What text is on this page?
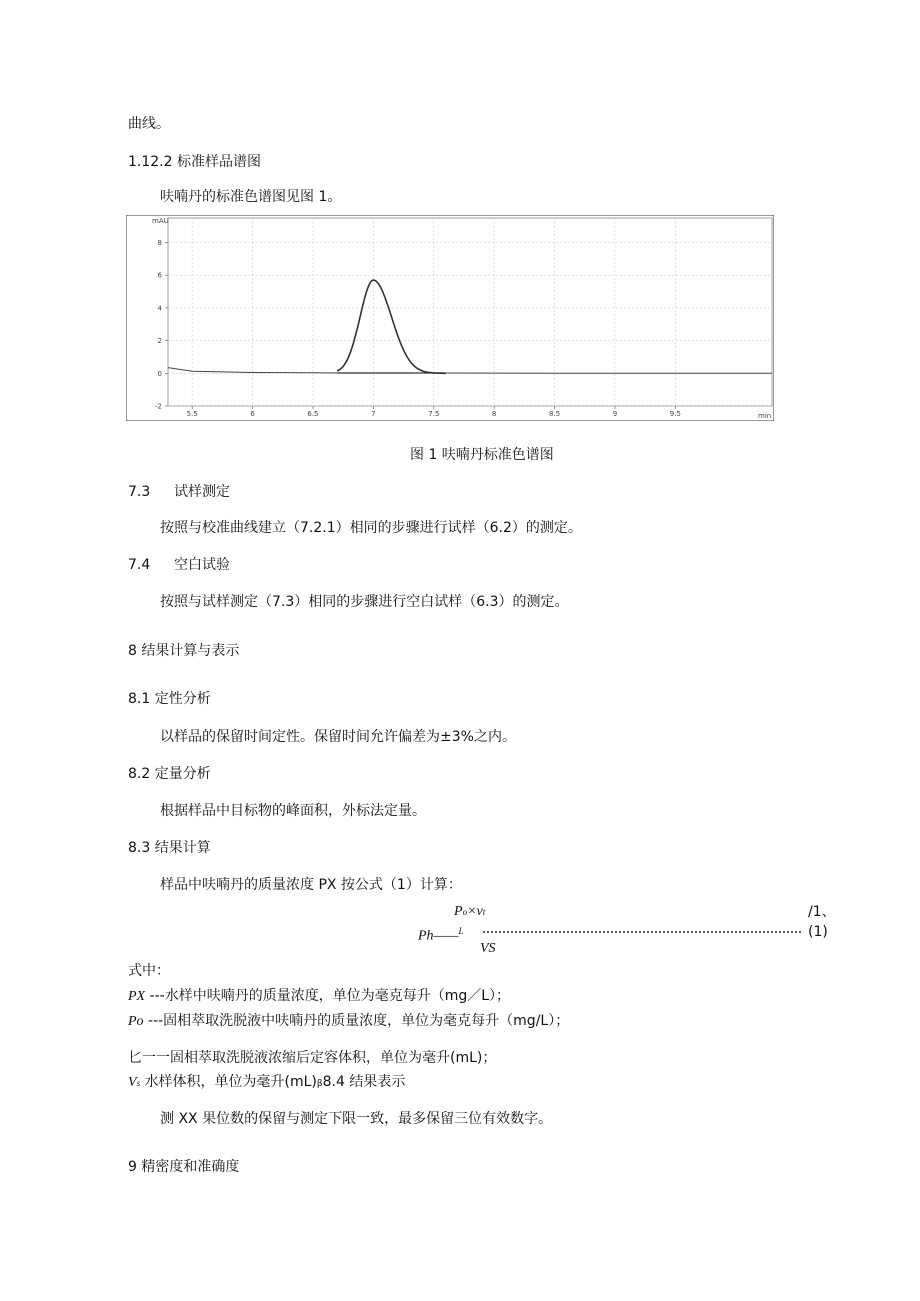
曲线。
1.12.2 标准样品谱图
呋喃丹的标准色谱图见图 1。
8
6
4
2
0
-2
5.5	6	6.5	7	7.5	8	8.5	9	9.5
mAU
min
图 1 呋喃丹标准色谱图
7.3 试样测定
按照与校准曲线建立（7.2.1）相同的步骤进行试样（6.2）的测定。
7.4 空白试验
按照与试样测定（7.3）相同的步骤进行空白试样（6.3）的测定。
8 结果计算与表示
8.1 定性分析
以样品的保留时间定性。保留时间允许偏差为±3%之内。
8.2 定量分析
根据样品中目标物的峰面积，外标法定量。
8.3 结果计算
样品中呋喃丹的质量浓度 PX 按公式（1）计算：
Po×vt
Ph——$^L$
VS
/1、
(1)
式中：
PX ---水样中呋喃丹的质量浓度，单位为毫克每升（mg／L）；
Po ---固相萃取洗脱液中呋喃丹的质量浓度，单位为毫克每升（mg/L）；
匕一一固相萃取洗脱液浓缩后定容体积，单位为毫升(mL)；
Vs 水样体积，单位为毫升(mL)β8.4 结果表示
测 XX 果位数的保留与测定下限一致，最多保留三位有效数字。
9 精密度和准确度
